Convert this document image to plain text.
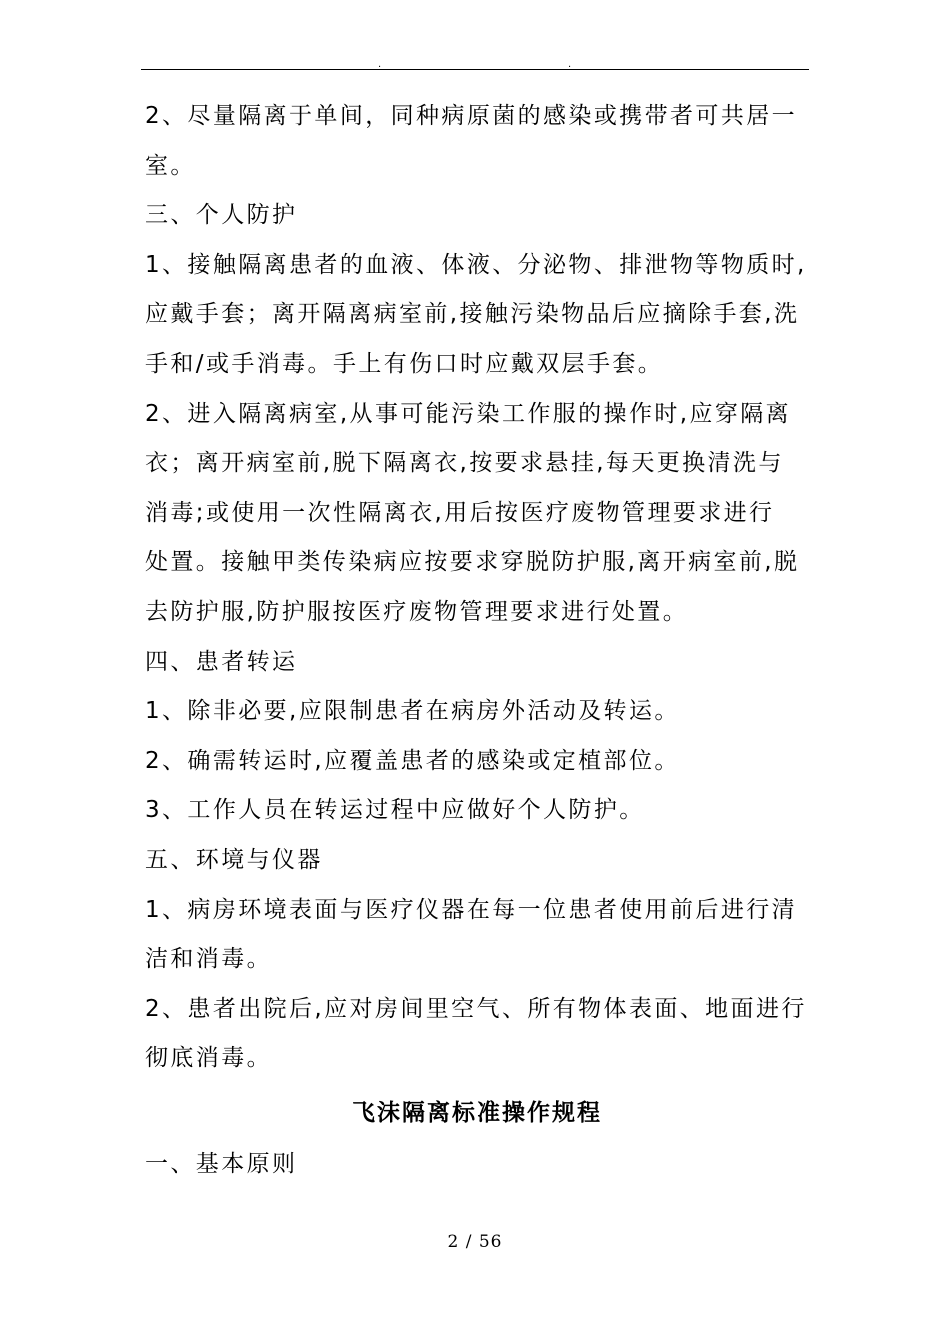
.	.
2、尽量隔离于单间，同种病原菌的感染或携带者可共居一
室。
三、个人防护
1、接触隔离患者的血液、体液、分泌物、排泄物等物质时,
应戴手套；离开隔离病室前,接触污染物品后应摘除手套,洗
手和/或手消毒。手上有伤口时应戴双层手套。
2、进入隔离病室,从事可能污染工作服的操作时,应穿隔离
衣；离开病室前,脱下隔离衣,按要求悬挂,每天更换清洗与
消毒;或使用一次性隔离衣,用后按医疗废物管理要求进行
处置。接触甲类传染病应按要求穿脱防护服,离开病室前,脱
去防护服,防护服按医疗废物管理要求进行处置。
四、患者转运
1、除非必要,应限制患者在病房外活动及转运。
2、确需转运时,应覆盖患者的感染或定植部位。
3、工作人员在转运过程中应做好个人防护。
五、环境与仪器
1、病房环境表面与医疗仪器在每一位患者使用前后进行清
洁和消毒。
2、患者出院后,应对房间里空气、所有物体表面、地面进行
彻底消毒。
飞沫隔离标准操作规程
一、基本原则
2 / 56
